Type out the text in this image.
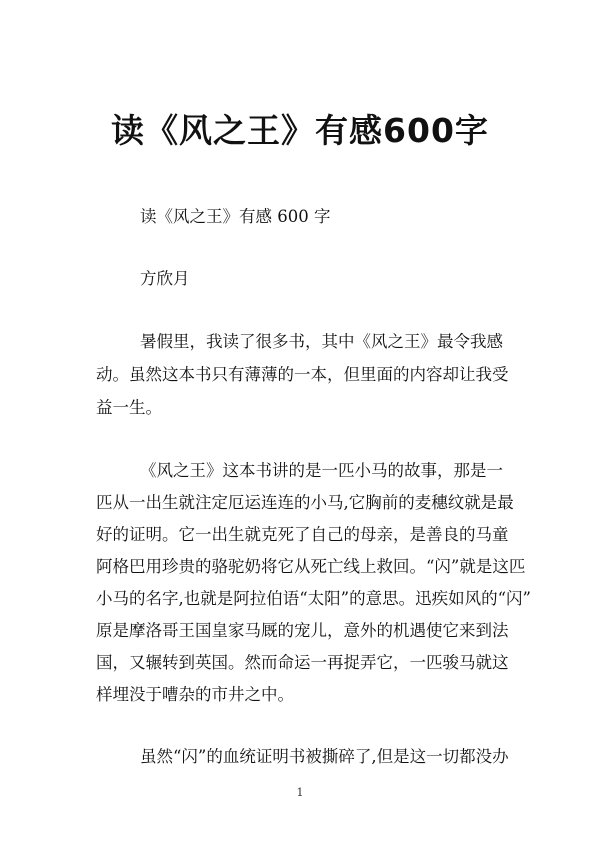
读《风之王》有感600字

读《风之王》有感 600 字

方欣月

暑假里，我读了很多书，其中《风之王》最令我感

动。虽然这本书只有薄薄的一本，但里面的内容却让我受

益一生。

《风之王》这本书讲的是一匹小马的故事，那是一

匹从一出生就注定厄运连连的小马,它胸前的麦穗纹就是最

好的证明。它一出生就克死了自己的母亲，是善良的马童

阿格巴用珍贵的骆驼奶将它从死亡线上救回。“闪”就是这匹

小马的名字,也就是阿拉伯语“太阳”的意思。迅疾如风的“闪”

原是摩洛哥王国皇家马厩的宠儿，意外的机遇使它来到法

国，又辗转到英国。然而命运一再捉弄它，一匹骏马就这

样埋没于嘈杂的市井之中。

虽然“闪”的血统证明书被撕碎了,但是这一切都没办

1
